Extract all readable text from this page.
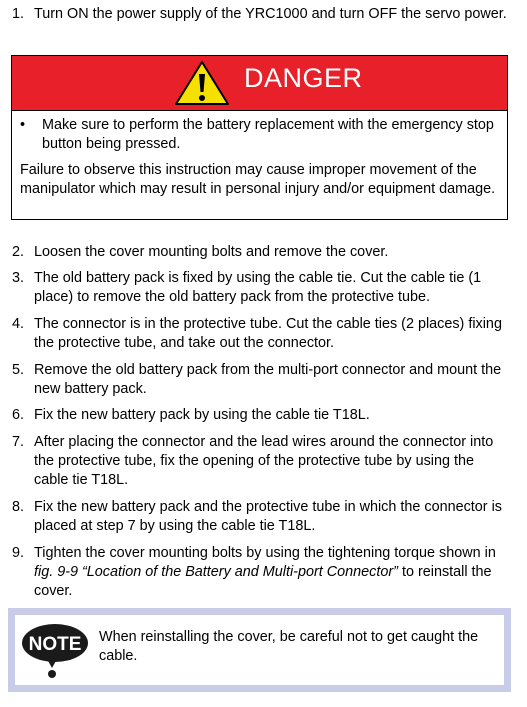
1. Turn ON the power supply of the YRC1000 and turn OFF the servo power.
DANGER
• Make sure to perform the battery replacement with the emergency stop button being pressed.
Failure to observe this instruction may cause improper movement of the manipulator which may result in personal injury and/or equipment damage.
2. Loosen the cover mounting bolts and remove the cover.
3. The old battery pack is fixed by using the cable tie. Cut the cable tie (1 place) to remove the old battery pack from the protective tube.
4. The connector is in the protective tube. Cut the cable ties (2 places) fixing the protective tube, and take out the connector.
5. Remove the old battery pack from the multi-port connector and mount the new battery pack.
6. Fix the new battery pack by using the cable tie T18L.
7. After placing the connector and the lead wires around the connector into the protective tube, fix the opening of the protective tube by using the cable tie T18L.
8. Fix the new battery pack and the protective tube in which the connector is placed at step 7 by using the cable tie T18L.
9. Tighten the cover mounting bolts by using the tightening torque shown in fig. 9-9 “Location of the Battery and Multi-port Connector” to reinstall the cover.
NOTE When reinstalling the cover, be careful not to get caught the cable.
